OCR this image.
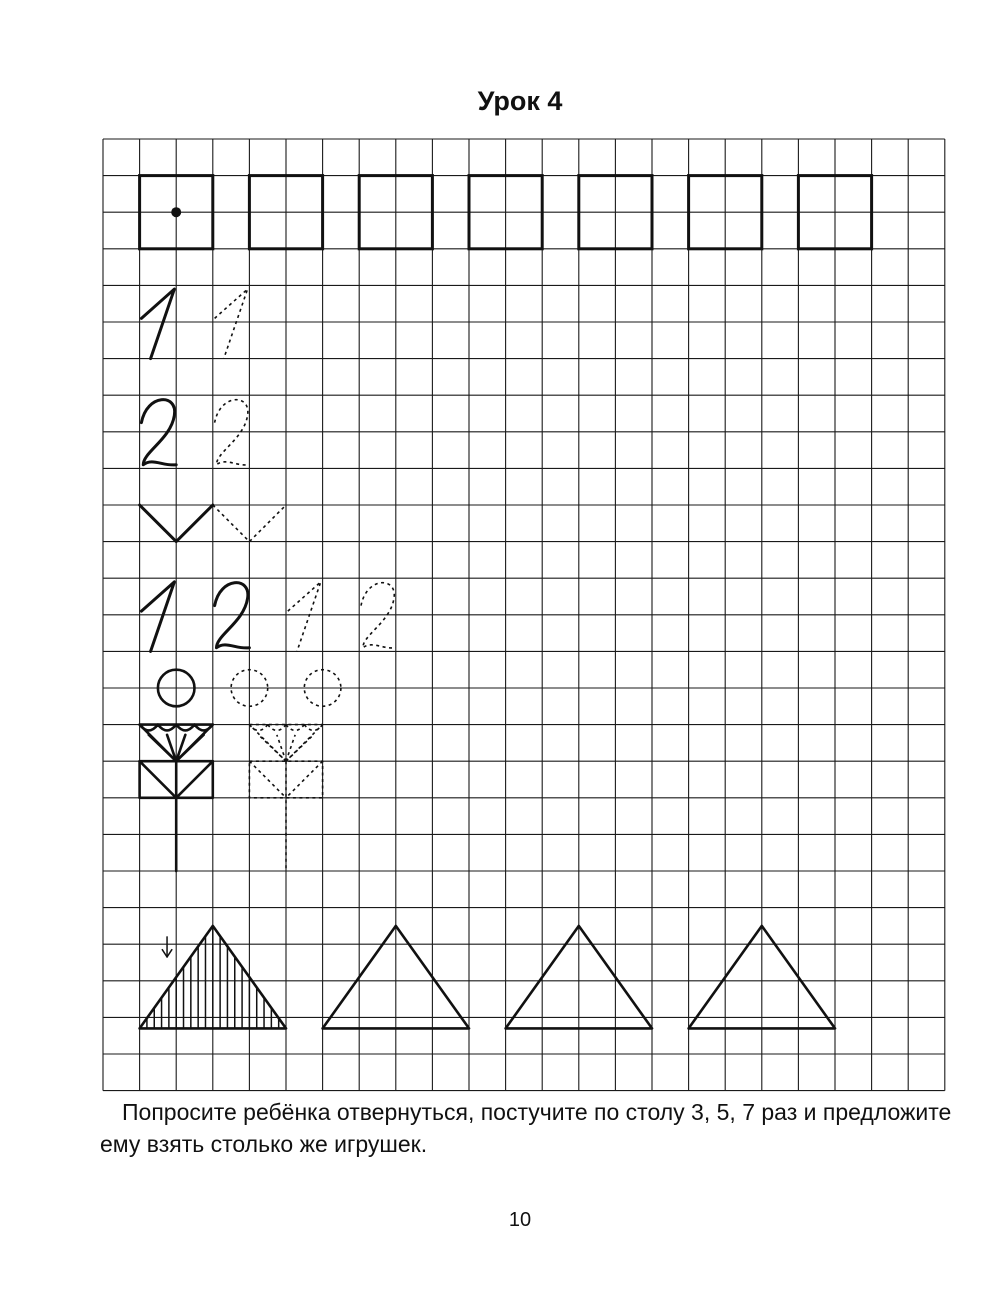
Урок 4
Попросите ребёнка отвернуться, постучите по столу 3, 5, 7 раз и предложите ему взять столько же игрушек.
10
